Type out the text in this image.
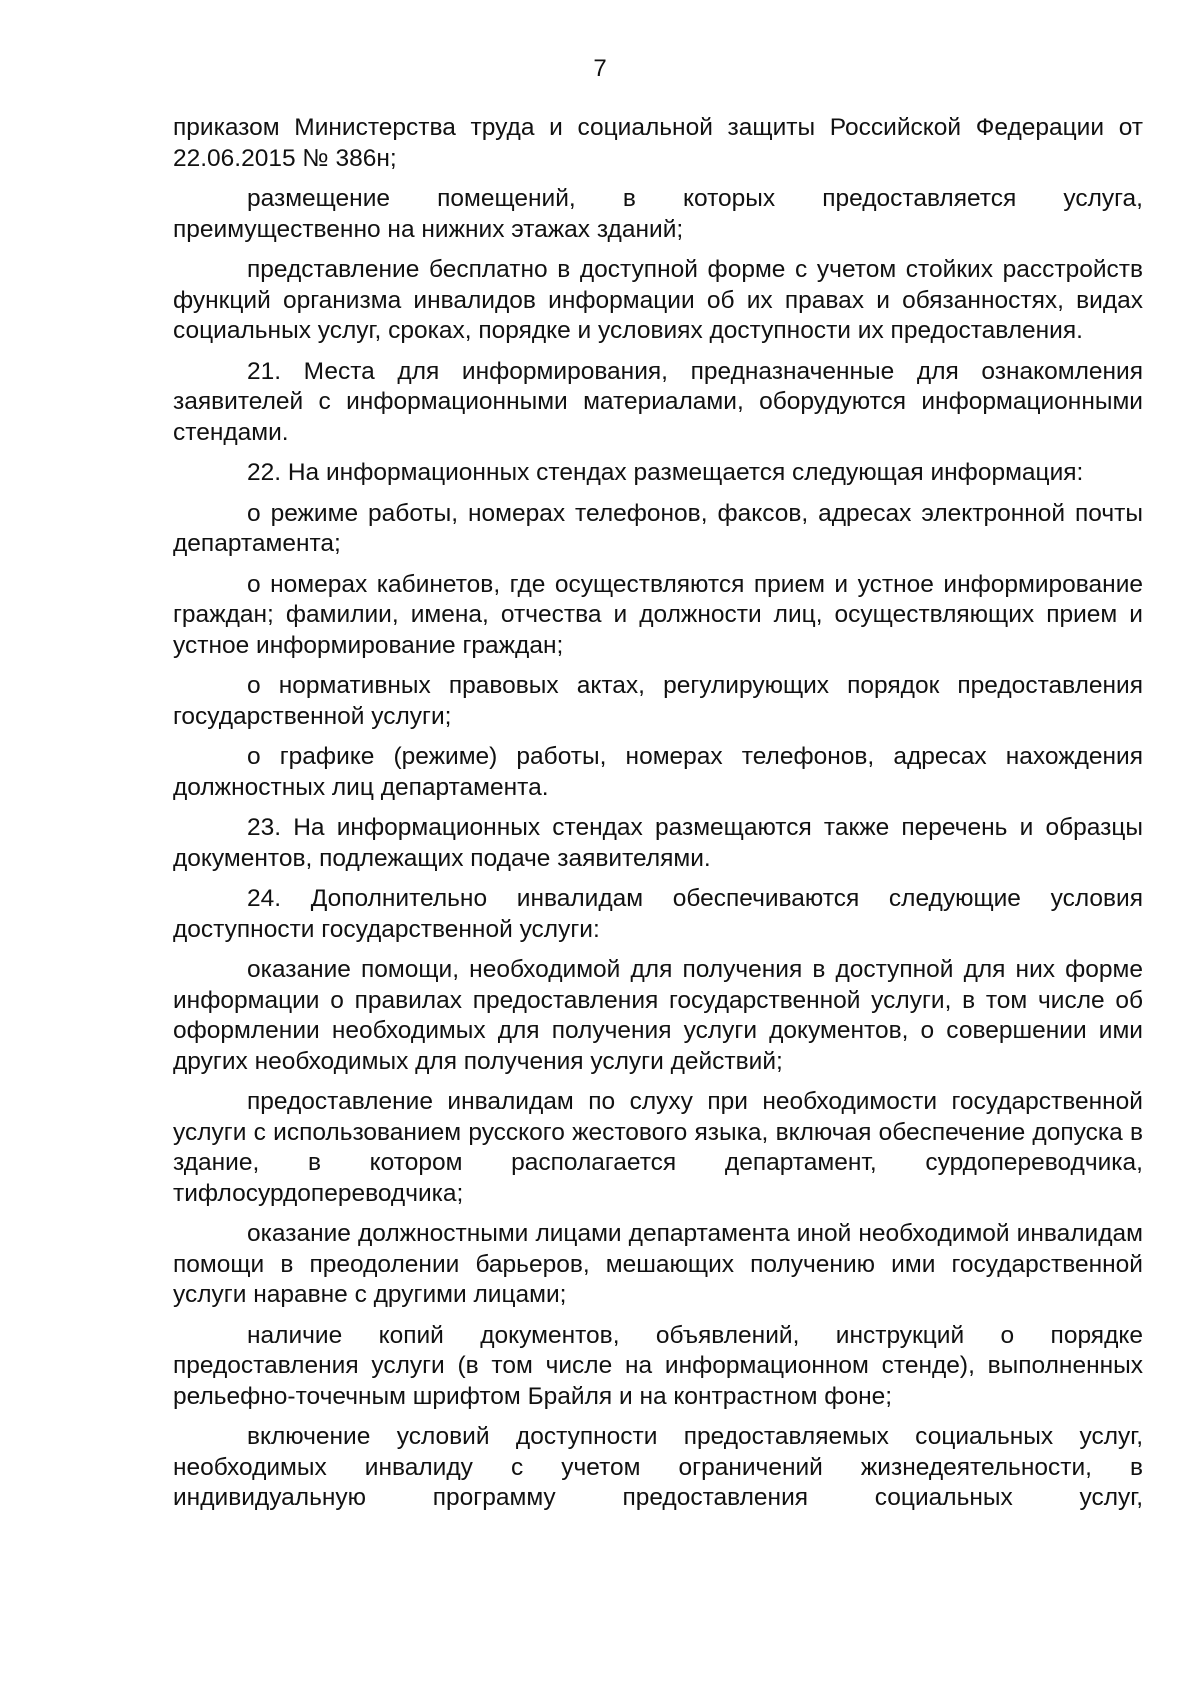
7

приказом Министерства труда и социальной защиты Российской Федерации от 22.06.2015 № 386н;

размещение помещений, в которых предоставляется услуга, преимущественно на нижних этажах зданий;

представление бесплатно в доступной форме с учетом стойких расстройств функций организма инвалидов информации об их правах и обязанностях, видах социальных услуг, сроках, порядке и условиях доступности их предоставления.

21. Места для информирования, предназначенные для ознакомления заявителей с информационными материалами, оборудуются информационными стендами.

22. На информационных стендах размещается следующая информация:

о режиме работы, номерах телефонов, факсов, адресах электронной почты департамента;

о номерах кабинетов, где осуществляются прием и устное информирование граждан; фамилии, имена, отчества и должности лиц, осуществляющих прием и устное информирование граждан;

о нормативных правовых актах, регулирующих порядок предоставления государственной услуги;

о графике (режиме) работы, номерах телефонов, адресах нахождения должностных лиц департамента.

23. На информационных стендах размещаются также перечень и образцы документов, подлежащих подаче заявителями.

24. Дополнительно инвалидам обеспечиваются следующие условия доступности государственной услуги:

оказание помощи, необходимой для получения в доступной для них форме информации о правилах предоставления государственной услуги, в том числе об оформлении необходимых для получения услуги документов, о совершении ими других необходимых для получения услуги действий;

предоставление инвалидам по слуху при необходимости государственной услуги с использованием русского жестового языка, включая обеспечение допуска в здание, в котором располагается департамент, сурдопереводчика, тифлосурдопереводчика;

оказание должностными лицами департамента иной необходимой инвалидам помощи в преодолении барьеров, мешающих получению ими государственной услуги наравне с другими лицами;

наличие копий документов, объявлений, инструкций о порядке предоставления услуги (в том числе на информационном стенде), выполненных рельефно-точечным шрифтом Брайля и на контрастном фоне;

включение условий доступности предоставляемых социальных услуг, необходимых инвалиду с учетом ограничений жизнедеятельности, в индивидуальную программу предоставления социальных услуг,
